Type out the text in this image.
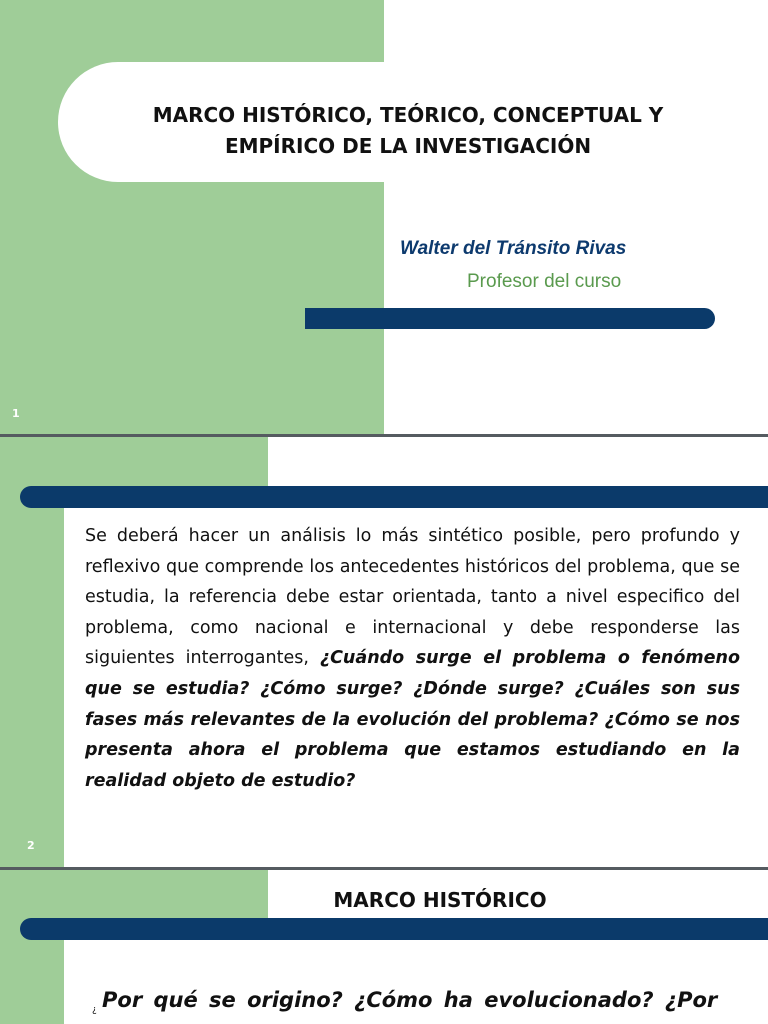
MARCO HISTÓRICO, TEÓRICO, CONCEPTUAL Y
EMPÍRICO DE LA INVESTIGACIÓN
Walter del Tránsito Rivas
Profesor del curso
1
Se deberá hacer un análisis lo más sintético posible, pero profundo y reflexivo que comprende los antecedentes históricos del problema, que se estudia, la referencia debe estar orientada, tanto a nivel especifico del problema, como nacional e internacional y debe responderse las siguientes interrogantes, ¿Cuándo surge el problema o fenómeno que se estudia? ¿Cómo surge? ¿Dónde surge? ¿Cuáles son sus fases más relevantes de la evolución del problema? ¿Cómo se nos presenta ahora el problema que estamos estudiando en la realidad objeto de estudio?
2
MARCO HISTÓRICO
¿ Por qué se origino? ¿Cómo ha evolucionado? ¿Por
